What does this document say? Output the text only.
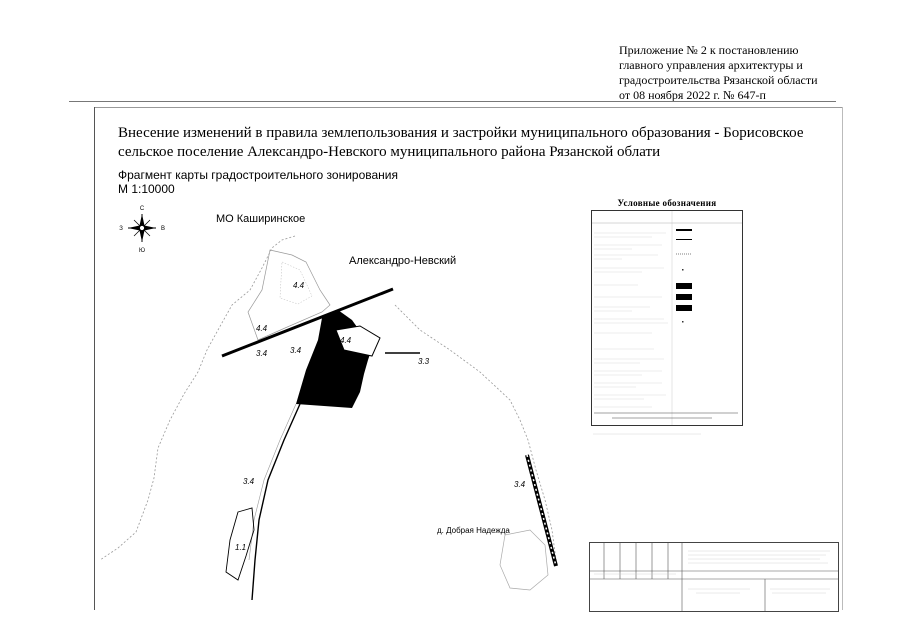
Приложение № 2 к постановлению
главного управления архитектуры и
градостроительства Рязанской области
от 08 ноября 2022 г. № 647-п
Внесение изменений в правила землепользования и застройки муниципального образования - Борисовское
сельское поселение Александро-Невского муниципального района Рязанской облати
Фрагмент карты градостроительного зонирования
М 1:10000
С
Ю
З	В
4.4
4.4
4.4
3.4	3.4
3.3
3.4	3.4
1.1
МО Каширинское
Александро-Невский
д. Добрая Надежда
Условные обозначения
